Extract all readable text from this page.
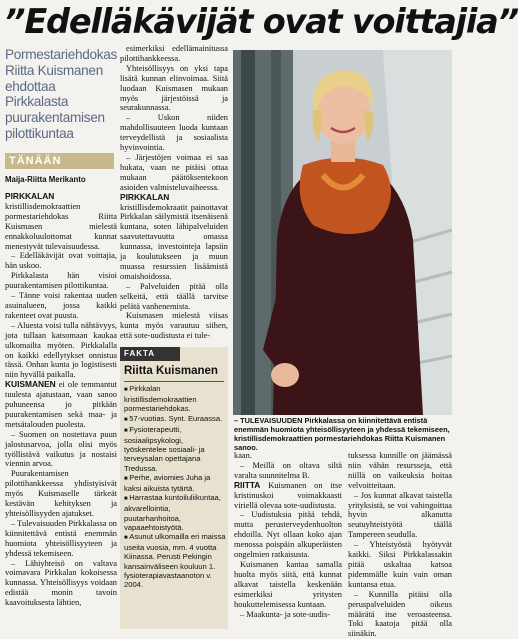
”Edelläkävijät ovat voittajia”
Pormestariehdokas Riitta Kuismanen ehdottaa Pirkkalasta puurakentamisen pilottikuntaa
TÄNÄÄN
Maija-Riitta Merikanto

PIRKKALAN kristillisdemokraattien pormestariehdokas Riitta Kuismasen mielestä ennakkoluulottomat kunnat menestyvät tulevaisuudessa.

– Edelläkävijät ovat voittajia, hän uskoo.

Pirkkalasta hän visioi puurakentamisen pilottikuntaa.

– Tänne voisi rakentaa uuden asuinalueen, jossa kaikki rakenteet ovat puusta.

– Aluesta voisi tulla nähtävyys, jota tullaan katsomaan kaukaa ulkomailta myöten. Pirkkalalla on kaikki edellytykset onnistua tässä. Onhan kunta jo logistisesti niin hyvällä paikalla.

KUISMANEN ei ole temmantut tuulesta ajatustaan, vaan sanoo puhuneensa jo pitkään puurakentamisen sekä maa- ja metsätalouden puolesta.

– Suomen on nostettava puun jalostusarvoa, jolla olisi myös työllistävä vaikutus ja nostaisi viennin arvoa.

Puurakentamisen pilottihankkeessa yhdistyisivät myös Kuismaselle tärkeät kestävän kehityksen ja yhteisöllisyyden ajatukset.

– Tulevaisuuden Pirkkalassa on kiinnitettävä entistä enemmän huomiota yhteisöllisyyteen ja yhdessä tekemiseen.

– Lähiyhteisö on valtava voimavara Pirkkalan kokoisessa kunnassa. Yhteisöllisyys voidaan edistää monin tavoin kaavoituksesta lähtien,

esimerkiksi edellämainitussa pilottihankkeessa.

Yhteisöllisyys on yksi tapa lisätä kunnan elinvoimaa. Siitä luodaan Kuismasen mukaan myös järjestöissä ja seurakunnassa.

– Uskon niiden mahdollisuuteen luoda kuntaan terveydellistä ja sosiaalista hyvinvointia.

– Järjestöjen voimaa ei saa hukata, vaan ne pitäisi ottaa mukaan päätöksentekoon asioiden valmisteluvaiheessa.

PIRKKALAN kristillisdemokraatit painottavat Pirkkalan säilymistä itsenäisenä kuntana, soten lähipalveluiden saavutettavuutta omassa kunnassa, investointeja lapsiin ja koulutukseen ja muun muassa resurssien lisäämistä omaishoidossa.

– Palveluiden pitää olla selkeitä, että täällä tarvitse pelätä vanhenemista.

Kuismasen mielestä viisas kunta myös varautuu siihen, että sote-uudistusta ei tule-

FAKTA
Riitta Kuismanen
■ Pirkkalan kristillisdemokraattien pormestariehdokas.
■ 57-vuotias. Synt. Euraassa.
■ Fysioterapeutti, sosiaalipsykologi, työskentelee sosiaali- ja terveysalan opettajana Tredussa.
■ Perhe, aviomies Juha ja kaksi aikuista tytärtä.
■ Harrastaa kuntoiluliikuntaa, akvarellointia, puutarhanhoitoa, vapaaehtoistyötä.
■ Asunut ulkomailla eri maissa useita vuosia, mm. 4 vuotta Kiinassa. Perusti Pekingin kansainväliseen kouluun 1. fysioterapiavastaanoton v. 2004.
– TULEVAISUUDEN Pirkkalassa on kiinnitettävä entistä enemmän huomiota yhteisöllisyyteen ja yhdessä tekemiseen, kristillisdemokraattien pormestariehdokas Riitta Kuismanen sanoo.

kaan.

– Meillä on oltava siltä varalta suunnitelma B.

RIITTA Kuismanen on itse kristinuskoi voimakkaasti viriellä olevaa sote-uudistusta.

– Uudistuksia pitää tehdä, mutta perusterveydenhuolton ehdoilla. Nyt ollaan koko ajan menossa poispäin alkuperäisten ongelmien ratkaisusta.

Kuismanen kantaa samalla huolta myös siitä, että kunnat alkavat taistella keskenään esimerkiksi yritysten houkuttelemisessa kuntaan.

– Maakunta- ja sote-uudis-

tuksessa kunnille on jäämässä niin vähän resursseja, että niillä on vaikeuksia hoitaa velvoitteitaan.

– Jos kunnat alkavat taistella yrityksistä, se voi vahingoittaa hyvin alkanutta seutuyhteistyötä täällä Tampereen seudulla.

– Yhteistyöstä hyötyvät kaikki. Siksi Pirkkalassakin pitää uskaltaa katsoa pidemmälle kuin vain oman kuntansa etua.

– Kunnilla pitäisi olla peruspalveluiden oikeus määrätä itse veroasteensa. Toki kaatoja pitää olla siinäkin.
